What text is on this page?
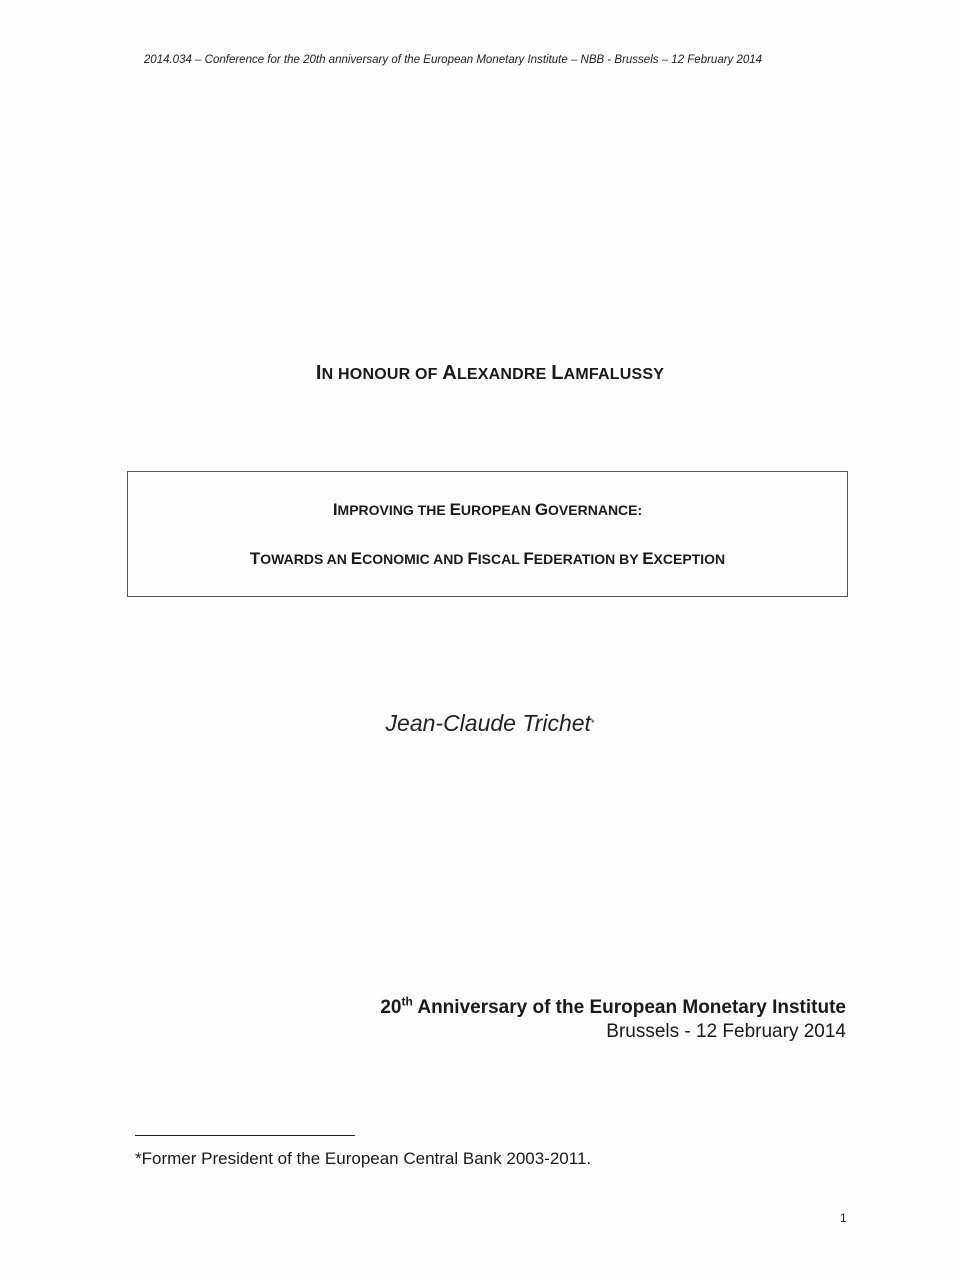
2014.034 – Conference for the 20th anniversary of the European Monetary Institute – NBB - Brussels – 12 February 2014
IN HONOUR OF ALEXANDRE LAMFALUSSY
IMPROVING THE EUROPEAN GOVERNANCE:
TOWARDS AN ECONOMIC AND FISCAL FEDERATION BY EXCEPTION
Jean-Claude Trichet*
20th Anniversary of the European Monetary Institute
Brussels - 12 February 2014
*Former President of the European Central Bank 2003-2011.
1
